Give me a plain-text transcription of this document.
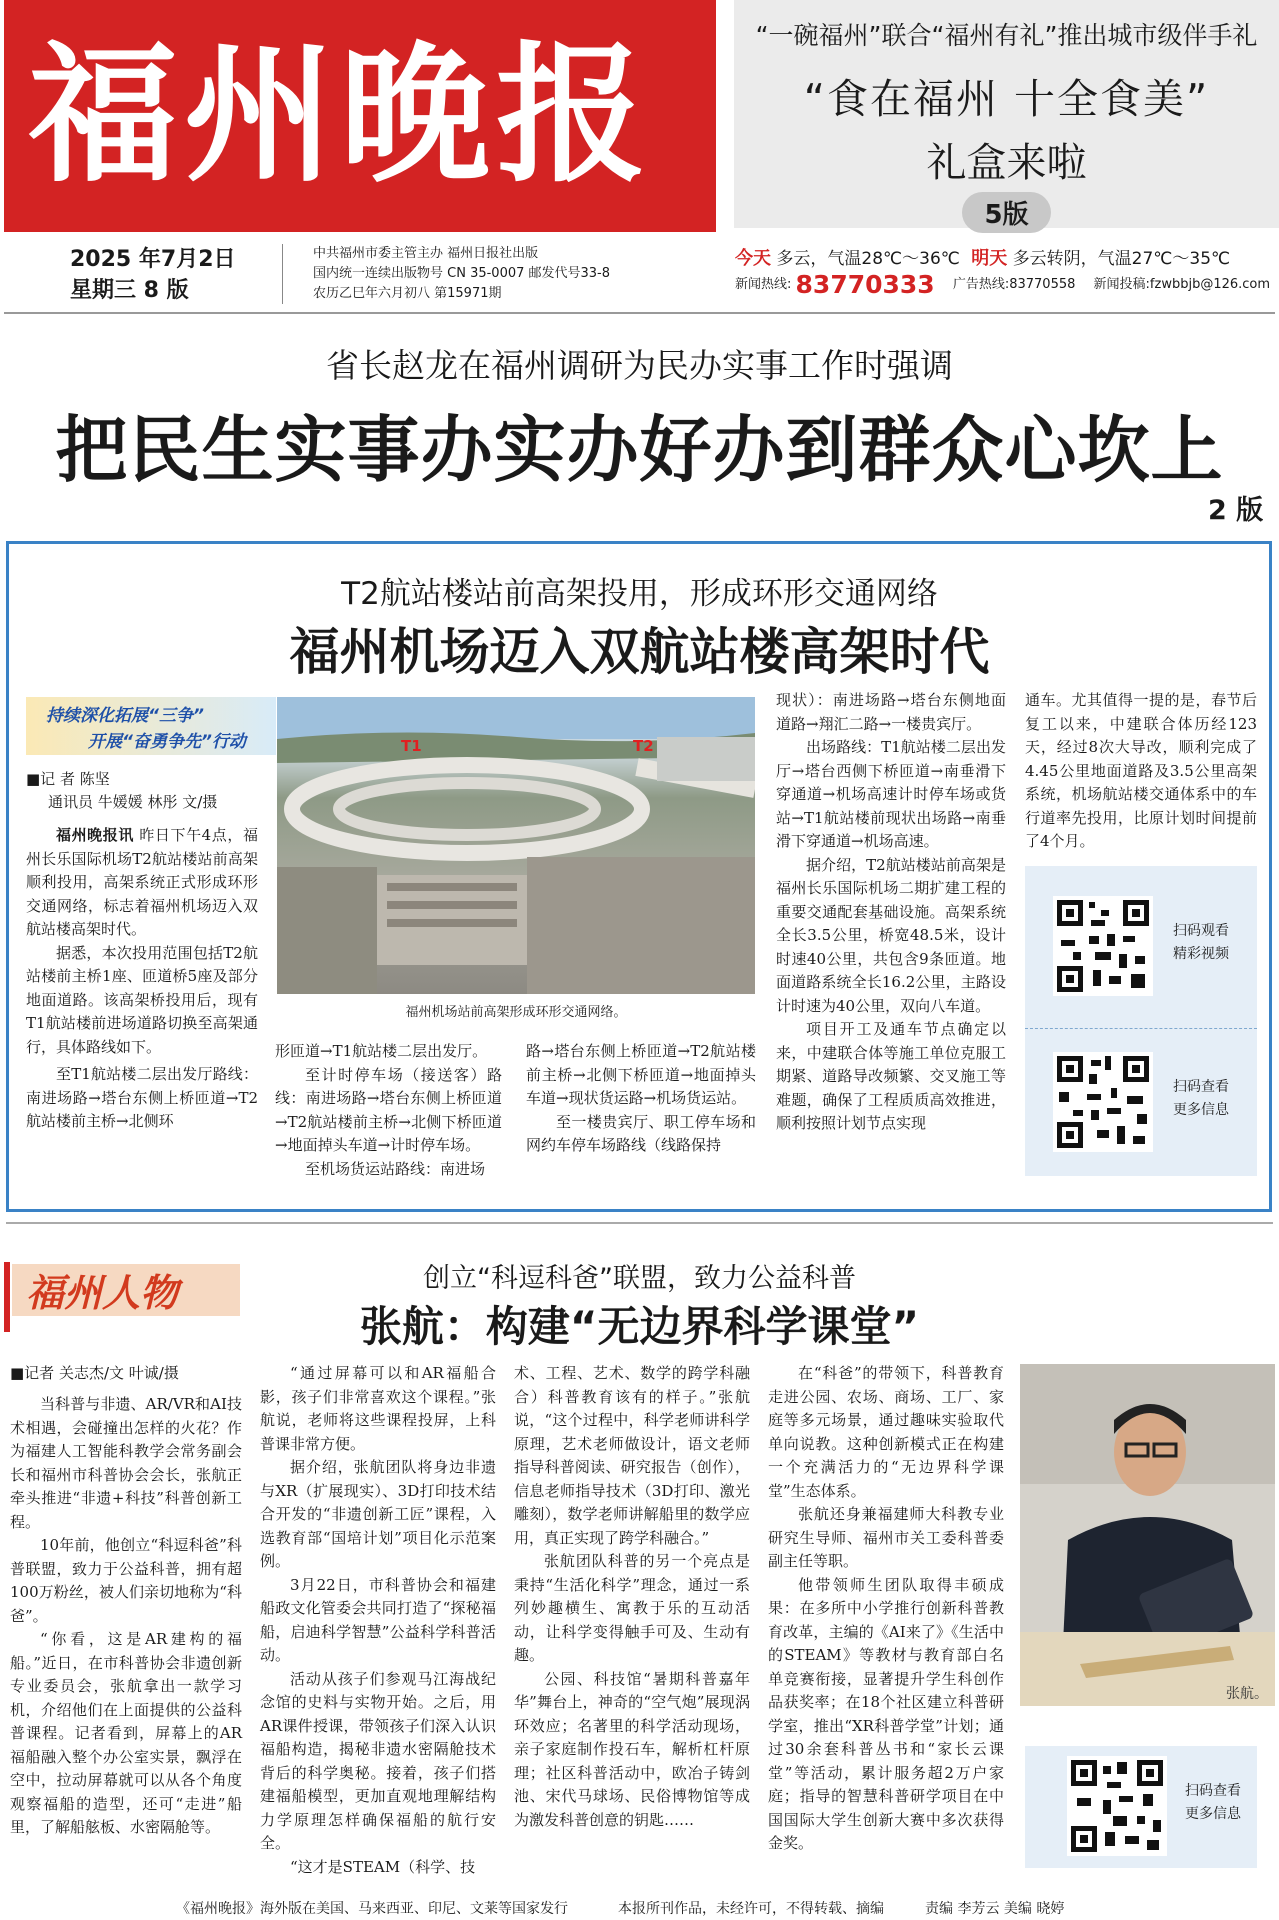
福州晚报	“一碗福州”联合“福州有礼”推出城市级伴手礼
“食在福州 十全食美”
礼盒来啦
5版
2025 年7月2日
星期三 8 版
中共福州市委主管主办 福州日报社出版
国内统一连续出版物号 CN 35-0007 邮发代号33-8
农历乙巳年六月初八 第15971期
今天 多云，气温28℃～36℃ 明天 多云转阴，气温27℃～35℃
新闻热线: 83770333 广告热线:83770558 新闻投稿:fzwbbjb@126.com
省长赵龙在福州调研为民办实事工作时强调
把民生实事办实办好办到群众心坎上
2 版
T2航站楼站前高架投用，形成环形交通网络
福州机场迈入双航站楼高架时代
持续深化拓展“三争”
开展“奋勇争先”行动	T1	T2
福州机场站前高架形成环形交通网络。
■记 者 陈坚
通讯员 牛媛媛 林彤 文/摄

福州晚报讯 昨日下午4点，福州长乐国际机场T2航站楼站前高架顺利投用，高架系统正式形成环形交通网络，标志着福州机场迈入双航站楼高架时代。

据悉，本次投用范围包括T2航站楼前主桥1座、匝道桥5座及部分地面道路。该高架桥投用后，现有T1航站楼前进场道路切换至高架通行，具体路线如下。

至T1航站楼二层出发厅路线：南进场路→塔台东侧上桥匝道→T2航站楼前主桥→北侧环

形匝道→T1航站楼二层出发厅。

至计时停车场（接送客）路线：南进场路→塔台东侧上桥匝道→T2航站楼前主桥→北侧下桥匝道→地面掉头车道→计时停车场。

至机场货运站路线：南进场

路→塔台东侧上桥匝道→T2航站楼前主桥→北侧下桥匝道→地面掉头车道→现状货运路→机场货运站。

至一楼贵宾厅、职工停车场和网约车停车场路线（线路保持

现状）：南进场路→塔台东侧地面道路→翔汇二路→一楼贵宾厅。

出场路线：T1航站楼二层出发厅→塔台西侧下桥匝道→南垂滑下穿通道→机场高速计时停车场或货站→T1航站楼前现状出场路→南垂滑下穿通道→机场高速。

据介绍，T2航站楼站前高架是福州长乐国际机场二期扩建工程的重要交通配套基础设施。高架系统全长3.5公里，桥宽48.5米，设计时速40公里，共包含9条匝道。地面道路系统全长16.2公里，主路设计时速为40公里，双向八车道。

项目开工及通车节点确定以来，中建联合体等施工单位克服工期紧、道路导改频繁、交叉施工等难题，确保了工程质质高效推进，顺利按照计划节点实现

通车。尤其值得一提的是，春节后复工以来，中建联合体历经123天，经过8次大导改，顺利完成了4.45公里地面道路及3.5公里高架系统，机场航站楼交通体系中的车行道率先投用，比原计划时间提前了4个月。

扫码观看
精彩视频
扫码查看
更多信息
福州人物	创立“科逗科爸”联盟，致力公益科普
张航：构建“无边界科学课堂”
■记者 关志杰/文 叶诚/摄

当科普与非遗、AR/VR和AI技术相遇，会碰撞出怎样的火花？作为福建人工智能科教学会常务副会长和福州市科普协会会长，张航正牵头推进“非遗+科技”科普创新工程。

10年前，他创立“科逗科爸”科普联盟，致力于公益科普，拥有超100万粉丝，被人们亲切地称为“科爸”。

“你看，这是AR建构的福船。”近日，在市科普协会非遗创新专业委员会，张航拿出一款学习机，介绍他们在上面提供的公益科普课程。记者看到，屏幕上的AR福船融入整个办公室实景，飘浮在空中，拉动屏幕就可以从各个角度观察福船的造型，还可“走进”船里，了解船舷板、水密隔舱等。

“通过屏幕可以和AR福船合影，孩子们非常喜欢这个课程。”张航说，老师将这些课程投屏，上科普课非常方便。

据介绍，张航团队将身边非遗与XR（扩展现实）、3D打印技术结合开发的“非遗创新工匠”课程，入选教育部“国培计划”项目化示范案例。

3月22日，市科普协会和福建船政文化管委会共同打造了“探秘福船，启迪科学智慧”公益科学科普活动。

活动从孩子们参观马江海战纪念馆的史料与实物开始。之后，用AR课件授课，带领孩子们深入认识福船构造，揭秘非遗水密隔舱技术背后的科学奥秘。接着，孩子们搭建福船模型，更加直观地理解结构力学原理怎样确保福船的航行安全。

“这才是STEAM（科学、技

术、工程、艺术、数学的跨学科融合）科普教育该有的样子。”张航说，“这个过程中，科学老师讲科学原理，艺术老师做设计，语文老师指导科普阅读、研究报告（创作），信息老师指导技术（3D打印、激光雕刻），数学老师讲解船里的数学应用，真正实现了跨学科融合。”

张航团队科普的另一个亮点是秉持“生活化科学”理念，通过一系列妙趣横生、寓教于乐的互动活动，让科学变得触手可及、生动有趣。

公园、科技馆“暑期科普嘉年华”舞台上，神奇的“空气炮”展现涡环效应；名著里的科学活动现场，亲子家庭制作投石车，解析杠杆原理；社区科普活动中，欧冶子铸剑池、宋代马球场、民俗博物馆等成为激发科普创意的钥匙……

在“科爸”的带领下，科普教育走进公园、农场、商场、工厂、家庭等多元场景，通过趣味实验取代单向说教。这种创新模式正在构建一个充满活力的“无边界科学课堂”生态体系。

张航还身兼福建师大科教专业研究生导师、福州市关工委科普委副主任等职。

他带领师生团队取得丰硕成果：在多所中小学推行创新科普教育改革，主编的《AI来了》《生活中的STEAM》等教材与教育部白名单竞赛衔接，显著提升学生科创作品获奖率；在18个社区建立科普研学室，推出“XR科普学堂”计划；通过30余套科普丛书和“家长云课堂”等活动，累计服务超2万户家庭；指导的智慧科普研学项目在中国国际大学生创新大赛中多次获得金奖。

张航。
扫码查看
更多信息
《福州晚报》海外版在美国、马来西亚、印尼、文莱等国家发行	本报所刊作品，未经许可，不得转载、摘编	责编 李芳云 美编 晓婷
